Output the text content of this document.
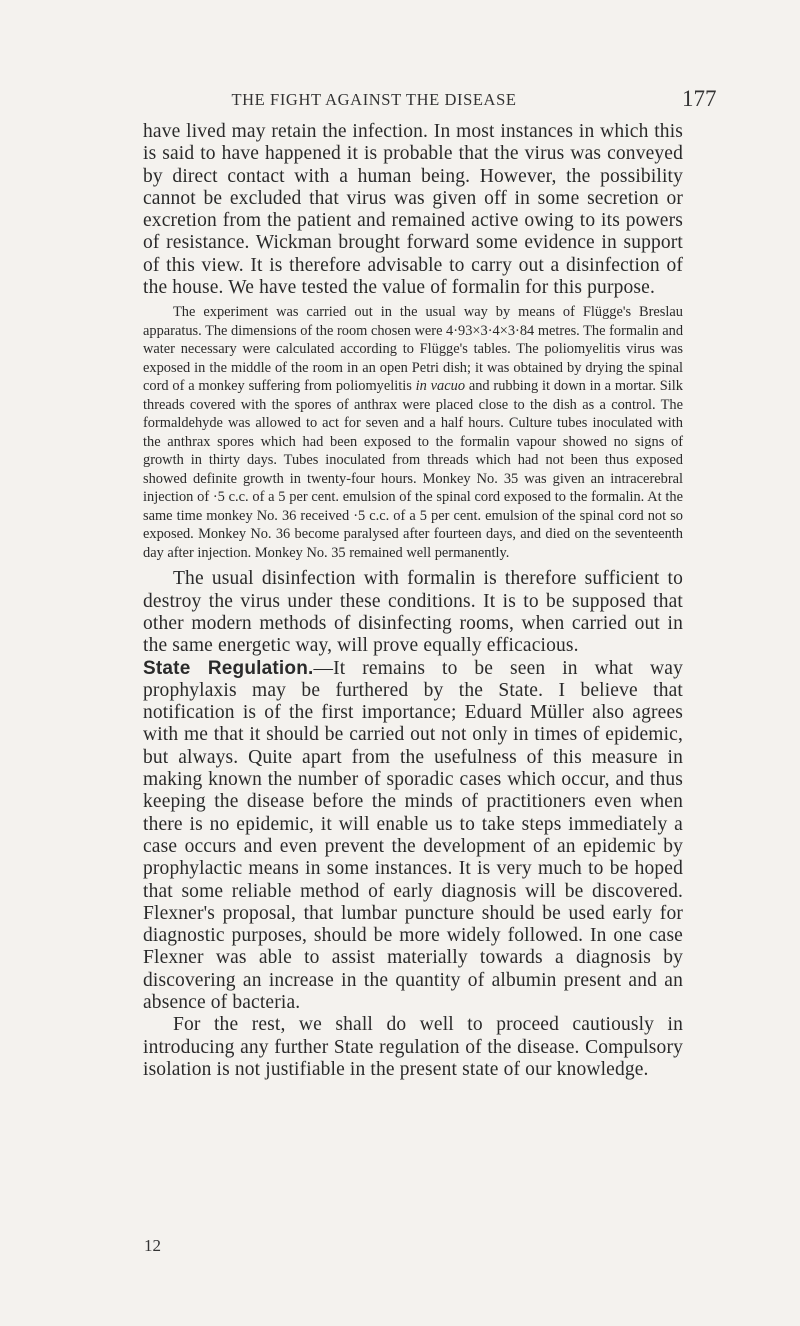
THE FIGHT AGAINST THE DISEASE	177

have lived may retain the infection. In most instances in which this is said to have happened it is probable that the virus was conveyed by direct contact with a human being. However, the possibility cannot be excluded that virus was given off in some secretion or excretion from the patient and remained active owing to its powers of resistance. Wickman brought forward some evidence in support of this view. It is therefore advisable to carry out a disinfection of the house. We have tested the value of formalin for this purpose.

The experiment was carried out in the usual way by means of Flügge's Breslau apparatus. The dimensions of the room chosen were 4·93×3·4×3·84 metres. The formalin and water necessary were calculated according to Flügge's tables. The poliomyelitis virus was exposed in the middle of the room in an open Petri dish; it was obtained by drying the spinal cord of a monkey suffering from poliomyelitis in vacuo and rubbing it down in a mortar. Silk threads covered with the spores of anthrax were placed close to the dish as a control. The formaldehyde was allowed to act for seven and a half hours. Culture tubes inoculated with the anthrax spores which had been exposed to the formalin vapour showed no signs of growth in thirty days. Tubes inoculated from threads which had not been thus exposed showed definite growth in twenty-four hours. Monkey No. 35 was given an intracerebral injection of ·5 c.c. of a 5 per cent. emulsion of the spinal cord exposed to the formalin. At the same time monkey No. 36 received ·5 c.c. of a 5 per cent. emulsion of the spinal cord not so exposed. Monkey No. 36 become paralysed after fourteen days, and died on the seventeenth day after injection. Monkey No. 35 remained well permanently.

The usual disinfection with formalin is therefore sufficient to destroy the virus under these conditions. It is to be supposed that other modern methods of disinfecting rooms, when carried out in the same energetic way, will prove equally efficacious.

State Regulation.—It remains to be seen in what way prophylaxis may be furthered by the State. I believe that notification is of the first importance; Eduard Müller also agrees with me that it should be carried out not only in times of epidemic, but always. Quite apart from the usefulness of this measure in making known the number of sporadic cases which occur, and thus keeping the disease before the minds of practitioners even when there is no epidemic, it will enable us to take steps immediately a case occurs and even prevent the development of an epidemic by prophylactic means in some instances. It is very much to be hoped that some reliable method of early diagnosis will be discovered. Flexner's proposal, that lumbar puncture should be used early for diagnostic purposes, should be more widely followed. In one case Flexner was able to assist materially towards a diagnosis by discovering an increase in the quantity of albumin present and an absence of bacteria.

For the rest, we shall do well to proceed cautiously in introducing any further State regulation of the disease. Compulsory isolation is not justifiable in the present state of our knowledge.

12
